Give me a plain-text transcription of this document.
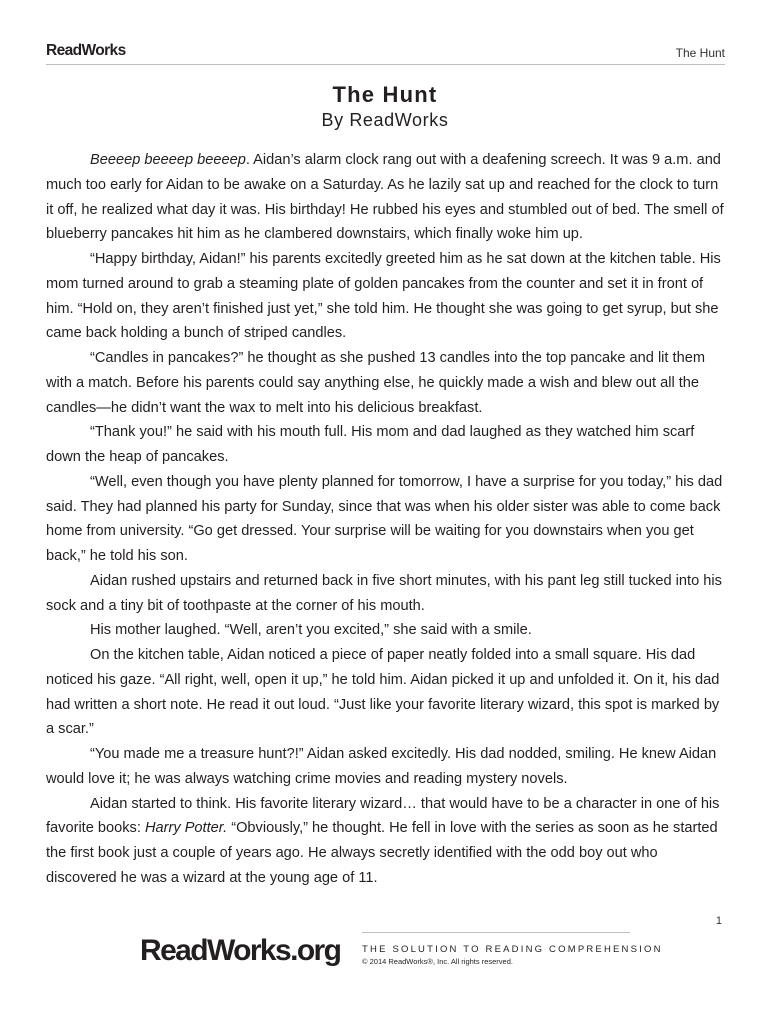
ReadWorks	The Hunt
The Hunt
By ReadWorks

Beeeep beeeep beeeep. Aidan’s alarm clock rang out with a deafening screech. It was 9 a.m. and much too early for Aidan to be awake on a Saturday. As he lazily sat up and reached for the clock to turn it off, he realized what day it was. His birthday! He rubbed his eyes and stumbled out of bed. The smell of blueberry pancakes hit him as he clambered downstairs, which finally woke him up.

“Happy birthday, Aidan!” his parents excitedly greeted him as he sat down at the kitchen table. His mom turned around to grab a steaming plate of golden pancakes from the counter and set it in front of him. “Hold on, they aren’t finished just yet,” she told him. He thought she was going to get syrup, but she came back holding a bunch of striped candles.

“Candles in pancakes?” he thought as she pushed 13 candles into the top pancake and lit them with a match. Before his parents could say anything else, he quickly made a wish and blew out all the candles—he didn’t want the wax to melt into his delicious breakfast.

“Thank you!” he said with his mouth full. His mom and dad laughed as they watched him scarf down the heap of pancakes.

“Well, even though you have plenty planned for tomorrow, I have a surprise for you today,” his dad said. They had planned his party for Sunday, since that was when his older sister was able to come back home from university. “Go get dressed. Your surprise will be waiting for you downstairs when you get back,” he told his son.

Aidan rushed upstairs and returned back in five short minutes, with his pant leg still tucked into his sock and a tiny bit of toothpaste at the corner of his mouth.

His mother laughed. “Well, aren’t you excited,” she said with a smile.

On the kitchen table, Aidan noticed a piece of paper neatly folded into a small square. His dad noticed his gaze. “All right, well, open it up,” he told him. Aidan picked it up and unfolded it. On it, his dad had written a short note. He read it out loud. “Just like your favorite literary wizard, this spot is marked by a scar.”

“You made me a treasure hunt?!” Aidan asked excitedly. His dad nodded, smiling. He knew Aidan would love it; he was always watching crime movies and reading mystery novels.

Aidan started to think. His favorite literary wizard… that would have to be a character in one of his favorite books: Harry Potter. “Obviously,” he thought. He fell in love with the series as soon as he started the first book just a couple of years ago. He always secretly identified with the odd boy out who discovered he was a wizard at the young age of 11.

1
ReadWorks.org THE SOLUTION TO READING COMPREHENSION
© 2014 ReadWorks®, Inc. All rights reserved.
